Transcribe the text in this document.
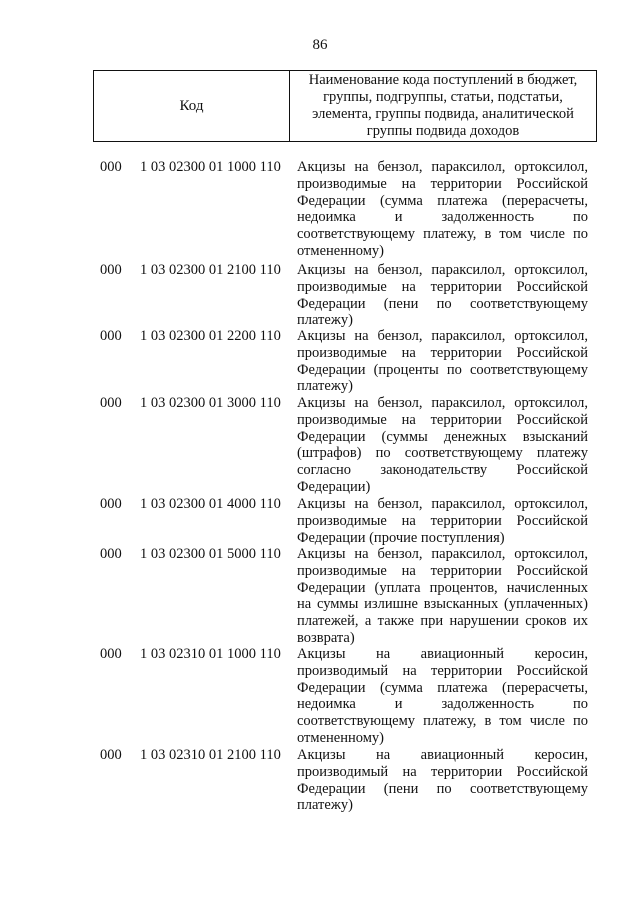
86
Код
Наименование кода поступлений в бюджет, группы, подгруппы, статьи, подстатьи, элемента, группы подвида, аналитической группы подвида доходов
000 1 03 02300 01 1000 110 Акцизы на бензол, параксилол, ортоксилол,
производимые на территории Российской
Федерации (сумма платежа (перерасчеты,
недоимка и задолженность по
соответствующему платежу, в том числе по
отмененному)
000 1 03 02300 01 2100 110 Акцизы на бензол, параксилол, ортоксилол,
производимые на территории Российской
Федерации (пени по соответствующему
платежу)
000 1 03 02300 01 2200 110 Акцизы на бензол, параксилол, ортоксилол,
производимые на территории Российской
Федерации (проценты по соответствующему
платежу)
000 1 03 02300 01 3000 110 Акцизы на бензол, параксилол, ортоксилол,
производимые на территории Российской
Федерации (суммы денежных взысканий
(штрафов) по соответствующему платежу
согласно законодательству Российской
Федерации)
000 1 03 02300 01 4000 110 Акцизы на бензол, параксилол, ортоксилол,
производимые на территории Российской
Федерации (прочие поступления)
000 1 03 02300 01 5000 110 Акцизы на бензол, параксилол, ортоксилол,
производимые на территории Российской
Федерации (уплата процентов, начисленных
на суммы излишне взысканных (уплаченных)
платежей, а также при нарушении сроков их
возврата)
000 1 03 02310 01 1000 110 Акцизы на авиационный керосин,
производимый на территории Российской
Федерации (сумма платежа (перерасчеты,
недоимка и задолженность по
соответствующему платежу, в том числе по
отмененному)
000 1 03 02310 01 2100 110 Акцизы на авиационный керосин,
производимый на территории Российской
Федерации (пени по соответствующему
платежу)
